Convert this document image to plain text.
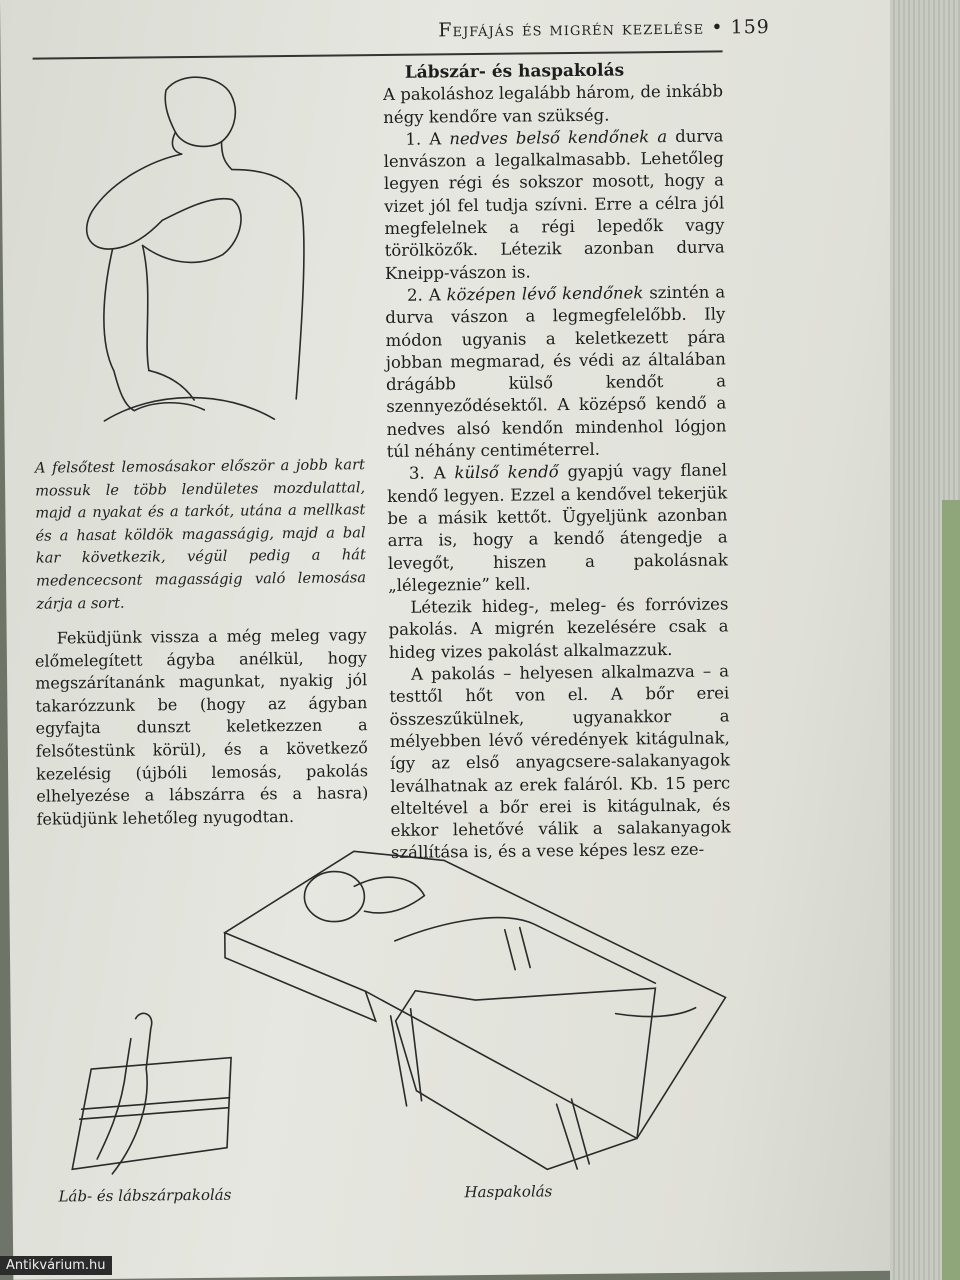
Fejfájás és migrén kezelése • 159
A felsőtest lemosásakor először a jobb kart mossuk le több lendületes mozdulattal, majd a nyakat és a tarkót, utána a mellkast és a hasat köldök magasságig, majd a bal kar következik, végül pedig a hát medencecsont magasságig való lemosása zárja a sort.

Feküdjünk vissza a még meleg vagy előmelegített ágyba anélkül, hogy megszárítanánk magunkat, nyakig jól takarózzunk be (hogy az ágyban egyfajta dunszt keletkezzen a felsőtestünk körül), és a következő kezelésig (újbóli lemosás, pakolás elhelyezése a lábszárra és a hasra) feküdjünk lehetőleg nyugodtan.

Lábszár- és haspakolás

A pakoláshoz legalább három, de inkább négy kendőre van szükség.

1. A nedves belső kendőnek a durva lenvászon a legalkalmasabb. Lehetőleg legyen régi és sokszor mosott, hogy a vizet jól fel tudja szívni. Erre a célra jól megfelelnek a régi lepedők vagy törölközők. Létezik azonban durva Kneipp-vászon is.

2. A középen lévő kendőnek szintén a durva vászon a legmegfelelőbb. Ily módon ugyanis a keletkezett pára jobban megmarad, és védi az általában drágább külső kendőt a szennyeződésektől. A középső kendő a nedves alsó kendőn mindenhol lógjon túl néhány centiméterrel.

3. A külső kendő gyapjú vagy flanel kendő legyen. Ezzel a kendővel tekerjük be a másik kettőt. Ügyeljünk azonban arra is, hogy a kendő átengedje a levegőt, hiszen a pakolásnak „lélegeznie” kell.

Létezik hideg-, meleg- és forróvizes pakolás. A migrén kezelésére csak a hideg vizes pakolást alkalmazzuk.

A pakolás – helyesen alkalmazva – a testtől hőt von el. A bőr erei összeszűkülnek, ugyanakkor a mélyebben lévő véredények kitágulnak, így az első anyagcsere-salakanyagok leválhatnak az erek faláról. Kb. 15 perc elteltével a bőr erei is kitágulnak, és ekkor lehetővé válik a salakanyagok szállítása is, és a vese képes lesz eze-

Láb- és lábszárpakolás	Haspakolás
Antikvárium.hu
